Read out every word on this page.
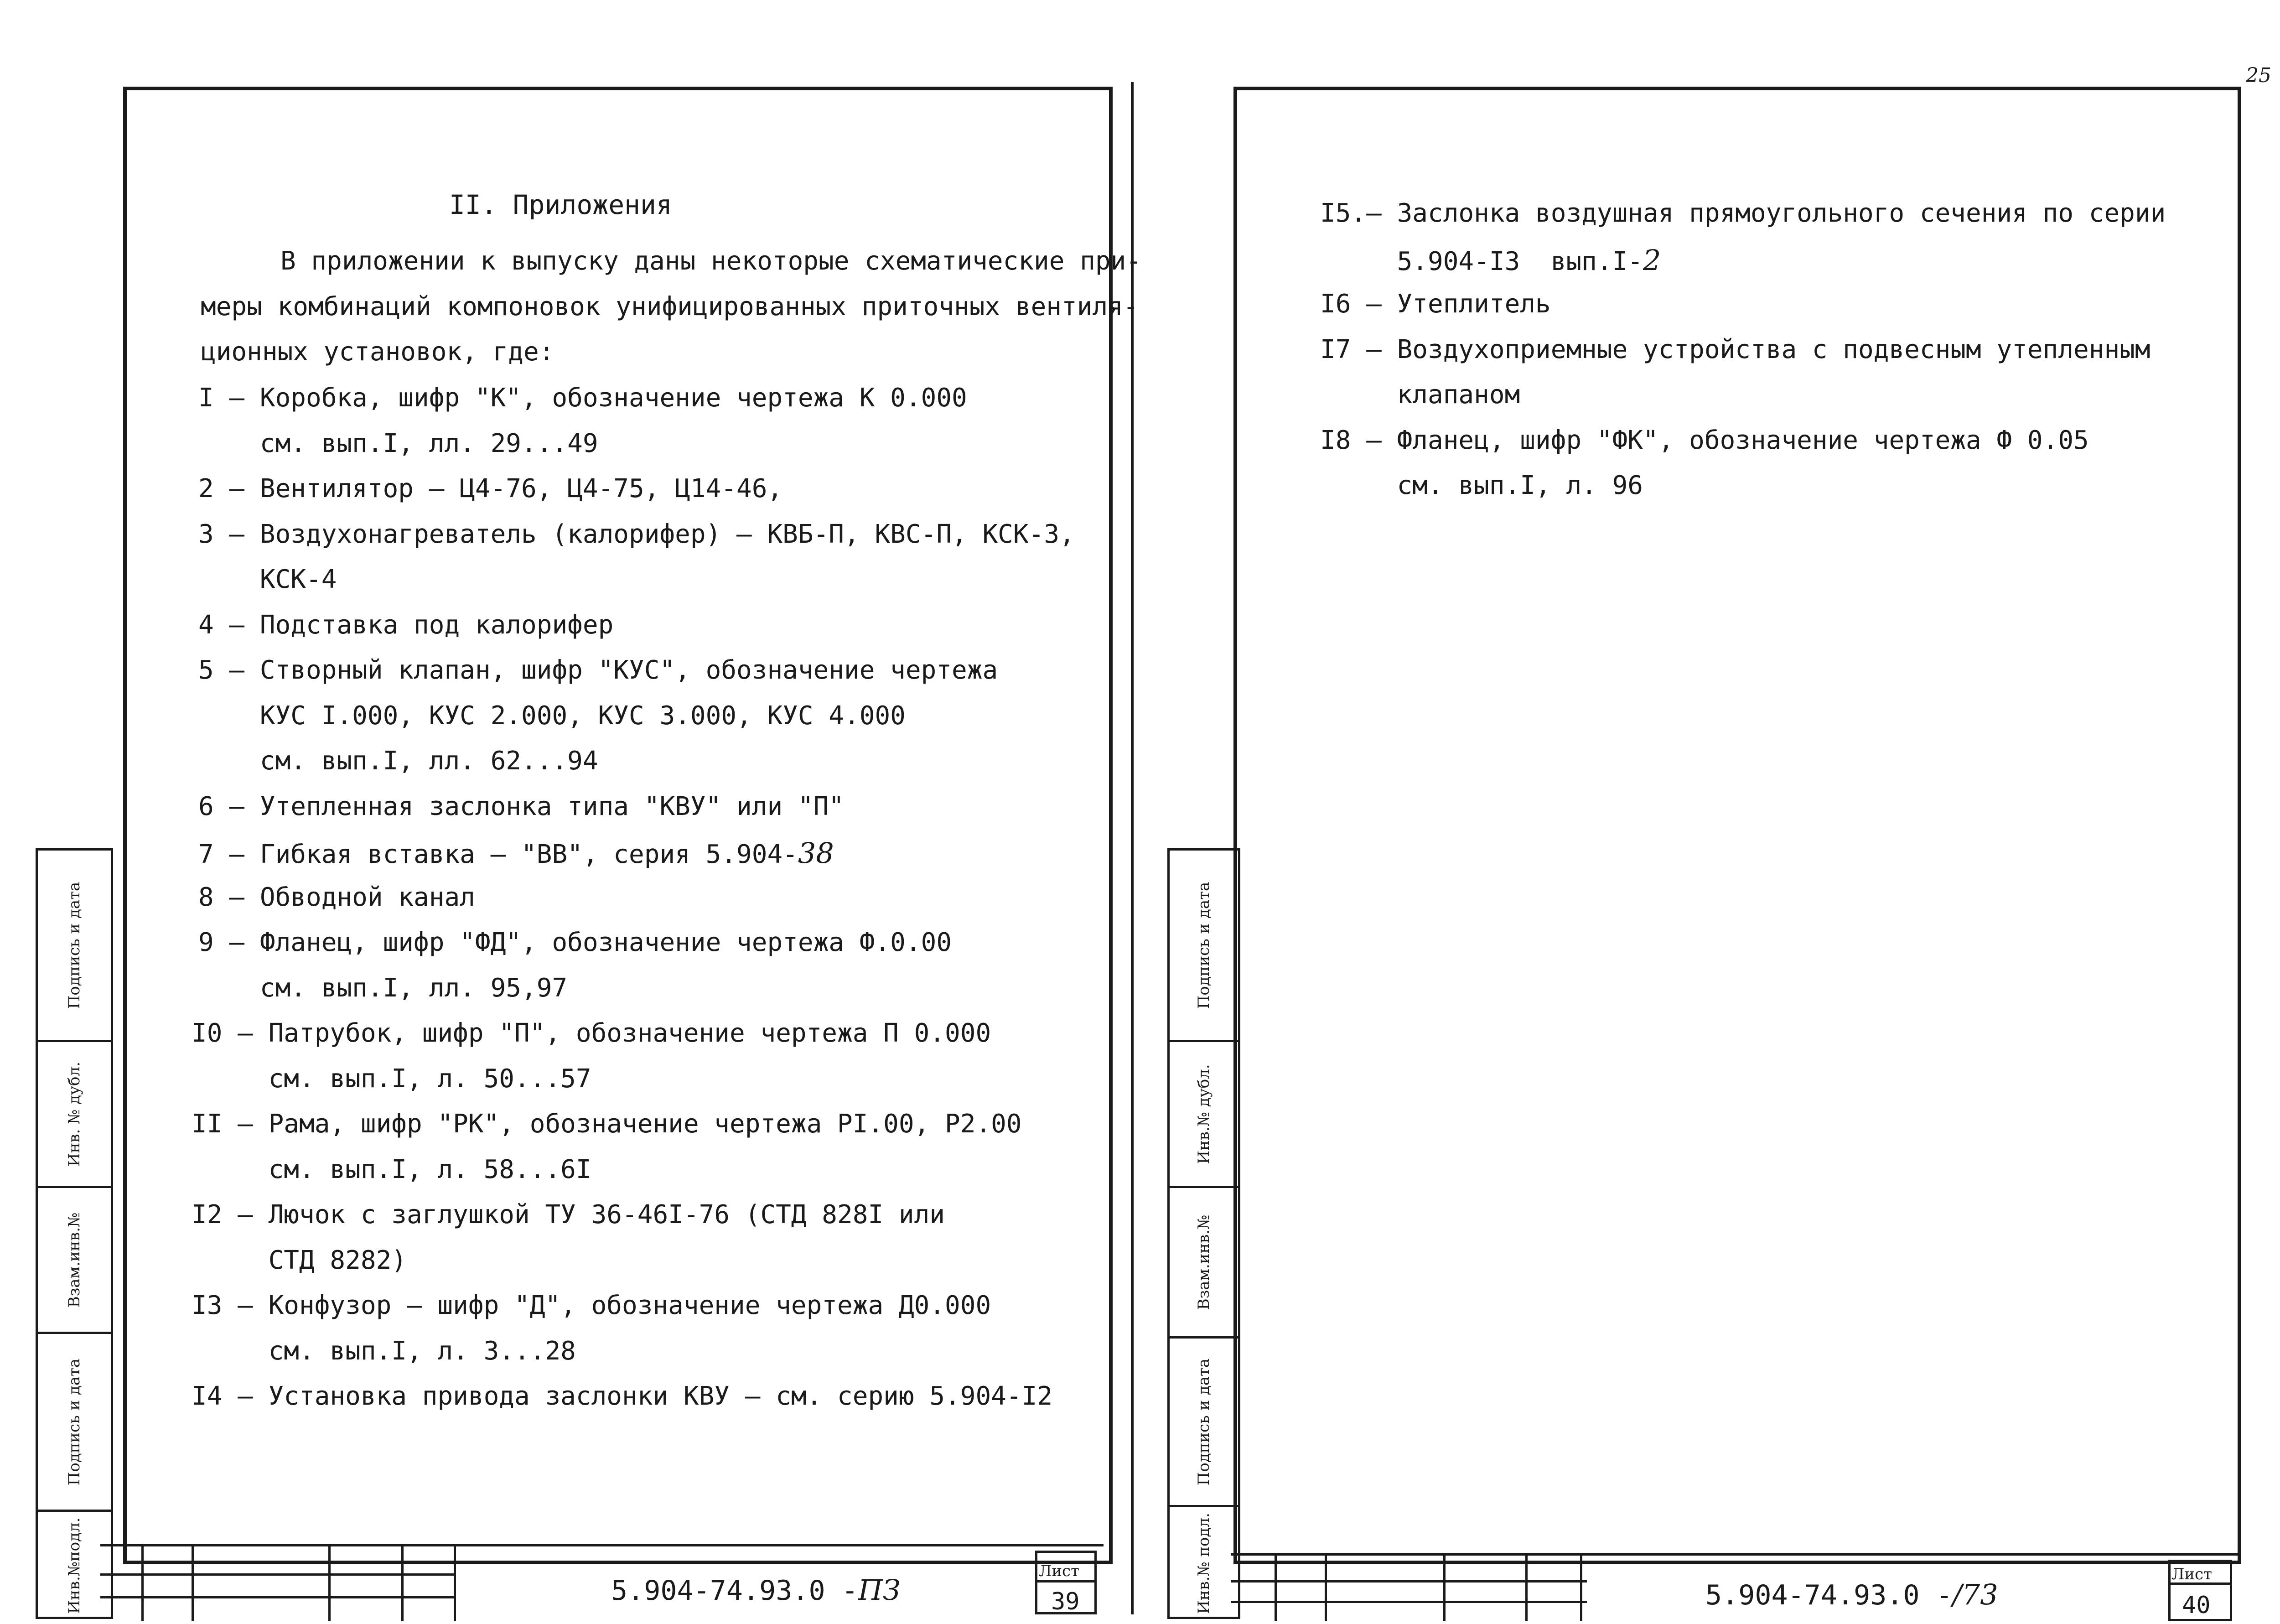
25
II. Приложения
В приложении к выпуску даны некоторые схематические при-
меры комбинаций компоновок унифицированных приточных вентиля-
ционных установок, где:
I – Коробка, шифр "К", обозначение чертежа К 0.000
см. вып.I, лл. 29...49
2 – Вентилятор – Ц4-76, Ц4-75, Ц14-46,
3 – Воздухонагреватель (калорифер) – КВБ-П, КВС-П, КСК-3,
КСК-4
4 – Подставка под калорифер
5 – Створный клапан, шифр "КУС", обозначение чертежа
КУС I.000, КУС 2.000, КУС 3.000, КУС 4.000
см. вып.I, лл. 62...94
6 – Утепленная заслонка типа "КВУ" или "П"
7 – Гибкая вставка – "ВВ", серия 5.904-38
8 – Обводной канал
9 – Фланец, шифр "ФД", обозначение чертежа Ф.0.00
см. вып.I, лл. 95,97
I0 – Патрубок, шифр "П", обозначение чертежа П 0.000
см. вып.I, л. 50...57
II – Рама, шифр "РК", обозначение чертежа РI.00, Р2.00
см. вып.I, л. 58...6I
I2 – Лючок с заглушкой ТУ 36-46I-76 (СТД 828I или
СТД 8282)
I3 – Конфузор – шифр "Д", обозначение чертежа Д0.000
см. вып.I, л. 3...28
I4 – Установка привода заслонки КВУ – см. серию 5.904-I2
Подпись и дата
Инв. № дубл.
Взам.инв.№
Подпись и дата
Инв.№подл.	5.904-74.93.0 -ПЗ
Лист
39
I5.– Заслонка воздушная прямоугольного сечения по серии
5.904-I3  вып.I-2
I6 – Утеплитель
I7 – Воздухоприемные устройства с подвесным утепленным
клапаном
I8 – Фланец, шифр "ФК", обозначение чертежа Ф 0.05
см. вып.I, л. 96
Подпись и дата
Инв.№ дубл.
Взам.инв.№
Подпись и дата
Инв.№ подл.	5.904-74.93.0 -/73
Лист
40
